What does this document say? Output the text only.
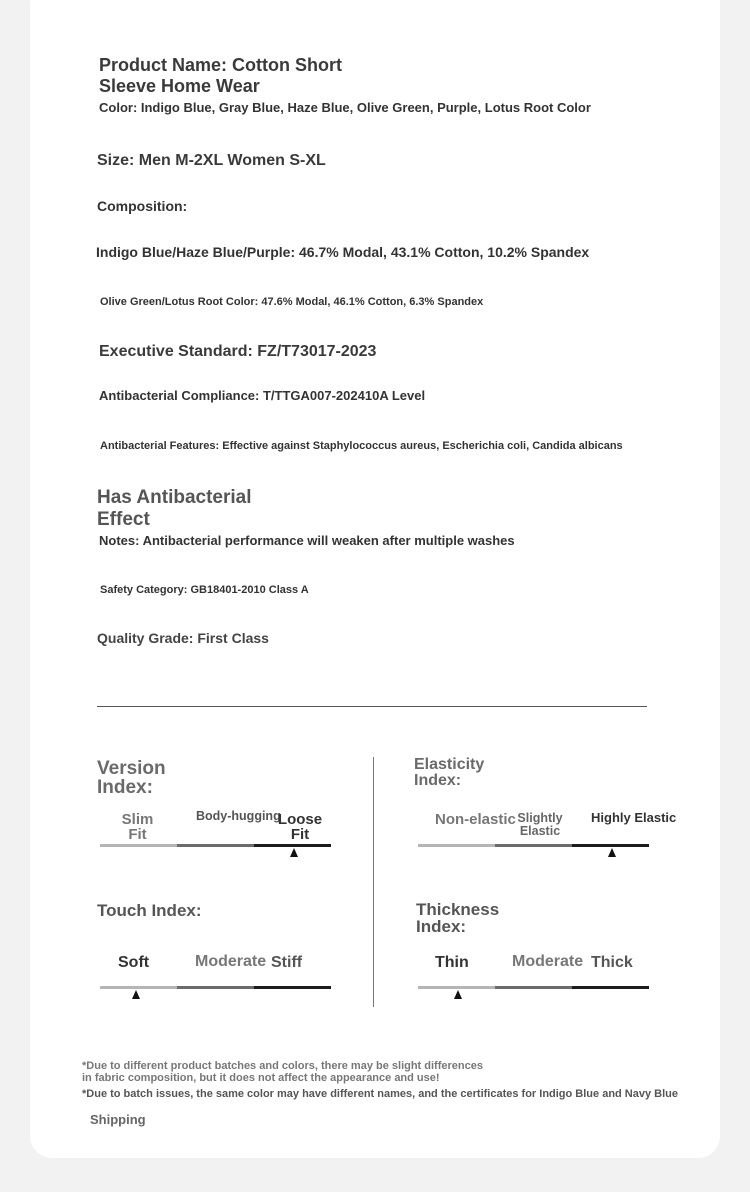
Product Name: Cotton Short
Sleeve Home Wear
Color: Indigo Blue, Gray Blue, Haze Blue, Olive Green, Purple, Lotus Root Color
Size: Men M-2XL Women S-XL
Composition:
Indigo Blue/Haze Blue/Purple: 46.7% Modal, 43.1% Cotton, 10.2% Spandex
Olive Green/Lotus Root Color: 47.6% Modal, 46.1% Cotton, 6.3% Spandex
Executive Standard: FZ/T73017-2023
Antibacterial Compliance: T/TTGA007-202410A Level
Antibacterial Features: Effective against Staphylococcus aureus, Escherichia coli, Candida albicans
Has Antibacterial
Effect
Notes: Antibacterial performance will weaken after multiple washes
Safety Category: GB18401-2010 Class A
Quality Grade: First Class
Version
Index:
Slim
Fit
Body-hugging
Loose
Fit
Elasticity
Index:
Non-elastic Slightly
Elastic
Highly Elastic
Touch Index:
Soft	Moderate Stiff
Thickness
Index:
Thin	Moderate Thick
*Due to different product batches and colors, there may be slight differences
in fabric composition, but it does not affect the appearance and use!
*Due to batch issues, the same color may have different names, and the certificates for Indigo Blue and Navy Blue
Shipping
